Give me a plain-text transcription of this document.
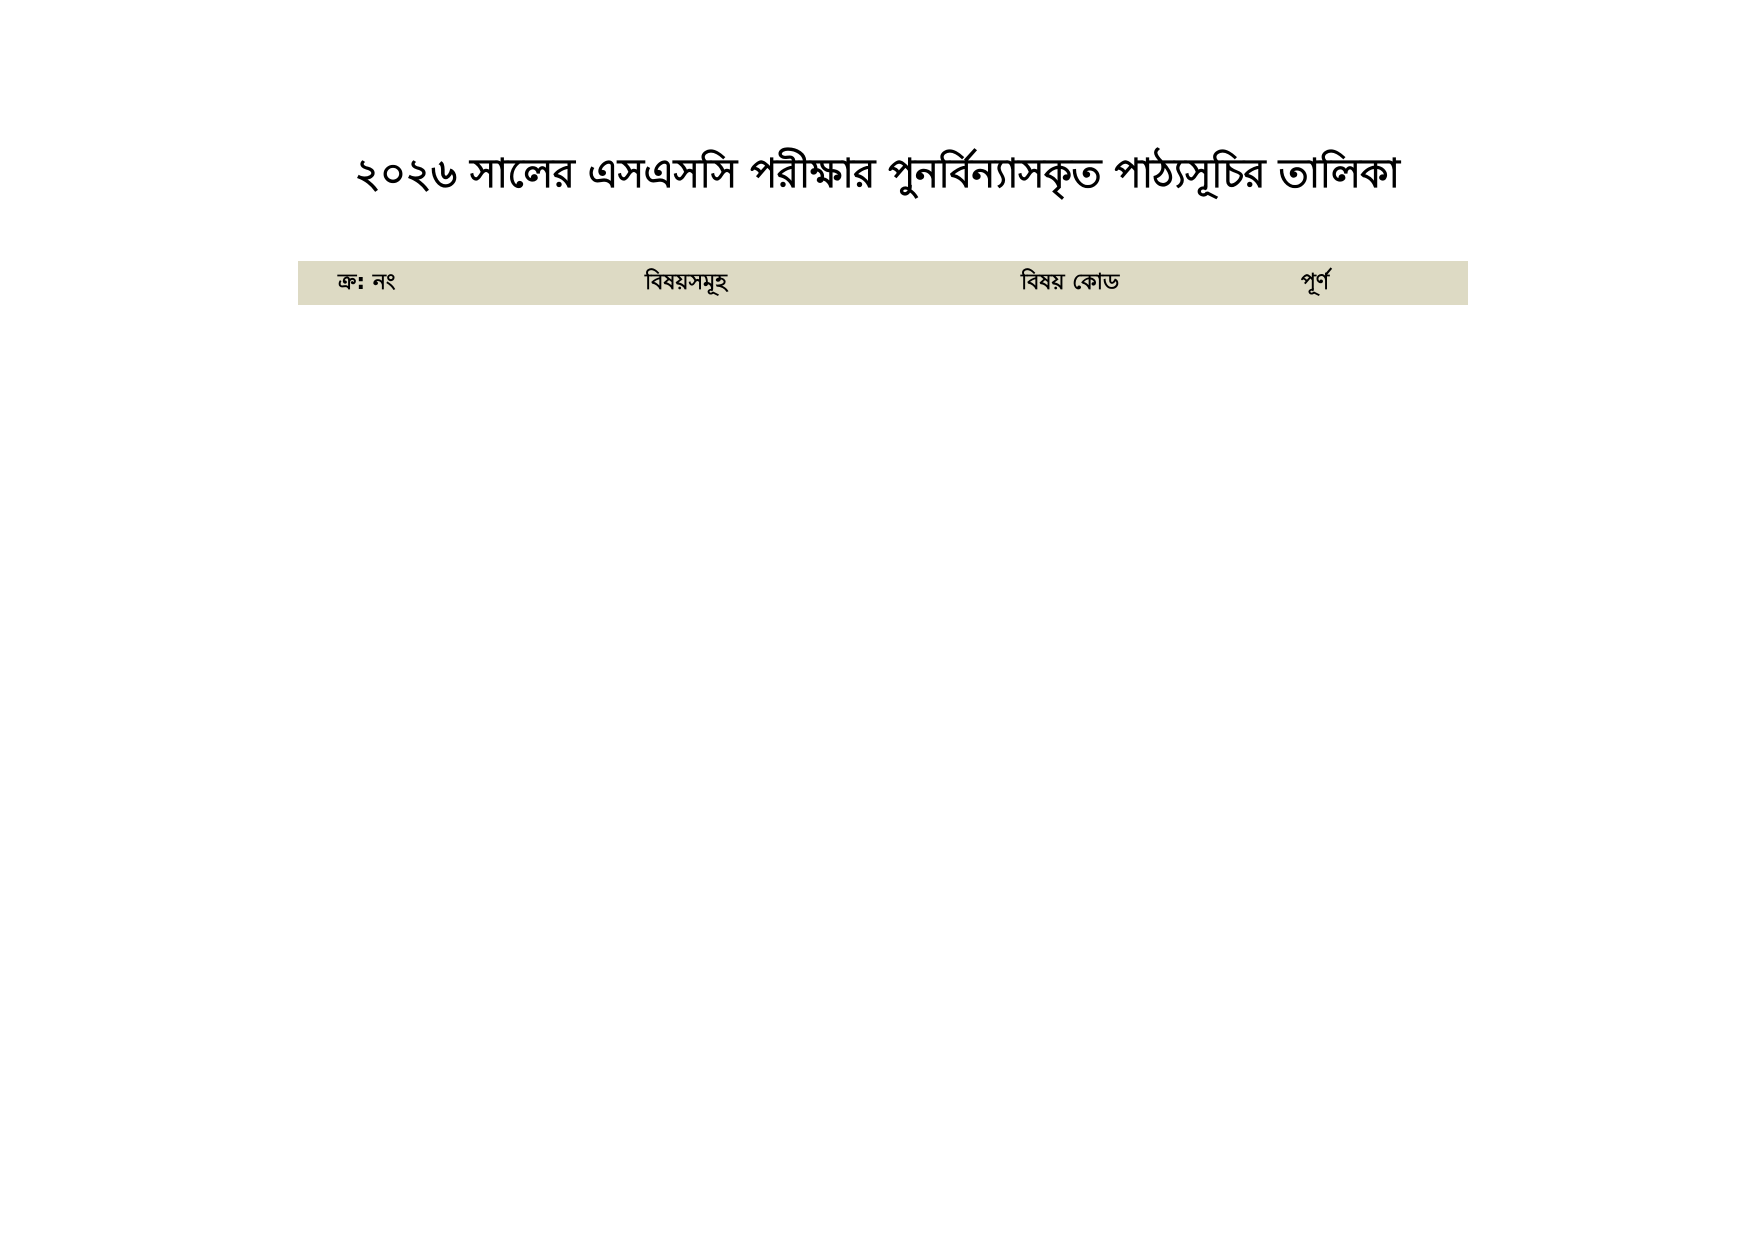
২০২৬ সালের এসএসসি পরীক্ষার পুনর্বিন্যাসকৃত পাঠ্যসূচির তালিকা
ক্র: নং	বিষয়সমূহ	বিষয় কোড	পূর্ণ
